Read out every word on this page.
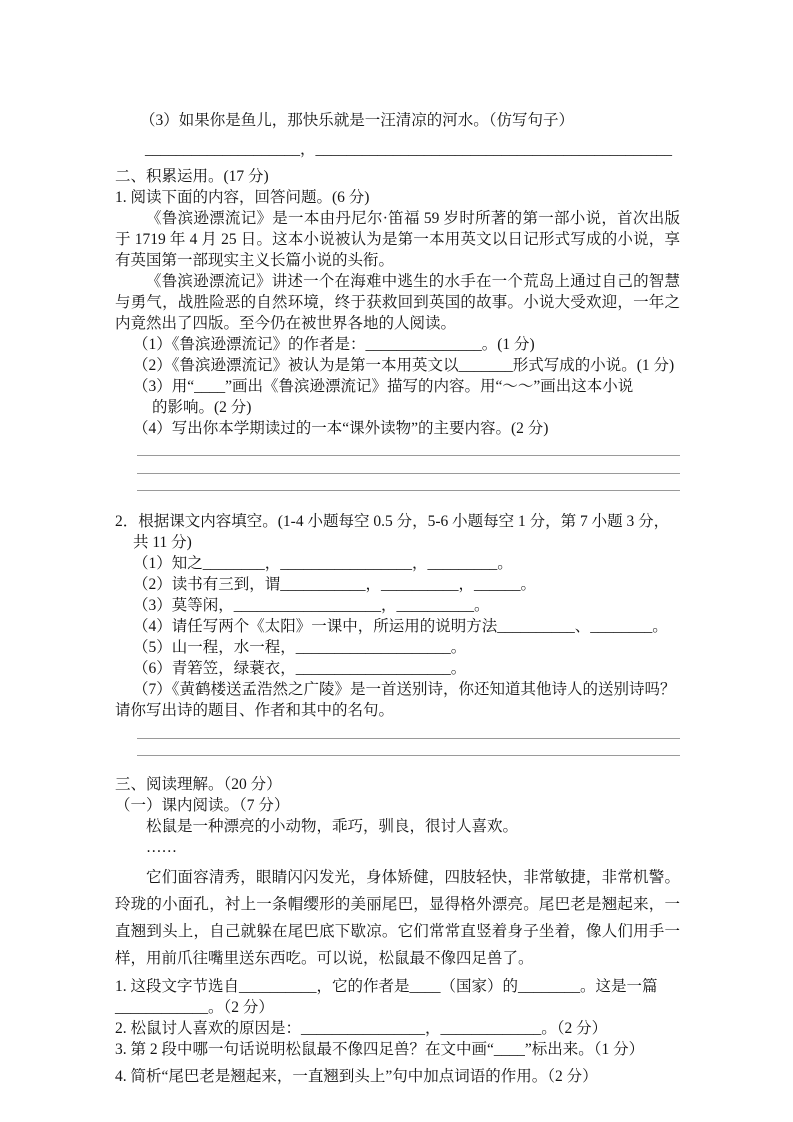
（3）如果你是鱼儿，那快乐就是一汪清凉的河水。（仿写句子）
____________________，______________________________________________
二、积累运用。(17 分)
1. 阅读下面的内容，回答问题。(6 分)

《鲁滨逊漂流记》是一本由丹尼尔·笛福 59 岁时所著的第一部小说，首次出版于 1719 年 4 月 25 日。这本小说被认为是第一本用英文以日记形式写成的小说，享有英国第一部现实主义长篇小说的头衔。

《鲁滨逊漂流记》讲述一个在海难中逃生的水手在一个荒岛上通过自己的智慧与勇气，战胜险恶的自然环境，终于获救回到英国的故事。小说大受欢迎，一年之内竟然出了四版。至今仍在被世界各地的人阅读。

（1）《鲁滨逊漂流记》的作者是：_______________。(1 分)
（2）《鲁滨逊漂流记》被认为是第一本用英文以_______形式写成的小说。(1 分)
（3）用“____”画出《鲁滨逊漂流记》描写的内容。用“～～”画出这本小说
的影响。(2 分)
（4）写出你本学期读过的一本“课外读物”的主要内容。(2 分)
2．根据课文内容填空。(1-4 小题每空 0.5 分，5-6 小题每空 1 分，第 7 小题 3 分，
共 11 分)
（1）知之________，_________________，_________。
（2）读书有三到，谓___________，__________，______。
（3）莫等闲，___________________，__________。
（4）请任写两个《太阳》一课中，所运用的说明方法__________、________。
（5）山一程，水一程，____________________。
（6）青箬笠，绿蓑衣，____________________。
（7）《黄鹤楼送孟浩然之广陵》是一首送别诗，你还知道其他诗人的送别诗吗？
请你写出诗的题目、作者和其中的名句。
三、阅读理解。（20 分）
（一）课内阅读。（7 分）
松鼠是一种漂亮的小动物，乖巧，驯良，很讨人喜欢。
……

它们面容清秀，眼睛闪闪发光，身体矫健，四肢轻快，非常敏捷，非常机警。玲珑的小面孔，衬上一条帽缨形的美丽尾巴，显得格外漂亮。尾巴老是翘起来，一直翘到头上，自己就躲在尾巴底下歇凉。它们常常直竖着身子坐着，像人们用手一样，用前爪往嘴里送东西吃。可以说，松鼠最不像四足兽了。

1. 这段文字节选自__________，它的作者是____（国家）的________。这是一篇
____________。（2 分）
2. 松鼠讨人喜欢的原因是：________________，_____________。（2 分）
3. 第 2 段中哪一句话说明松鼠最不像四足兽？在文中画“____”标出来。（1 分）
4. 简析“尾巴老是翘起来，一直翘到头上”句中加点词语的作用。（2 分）
